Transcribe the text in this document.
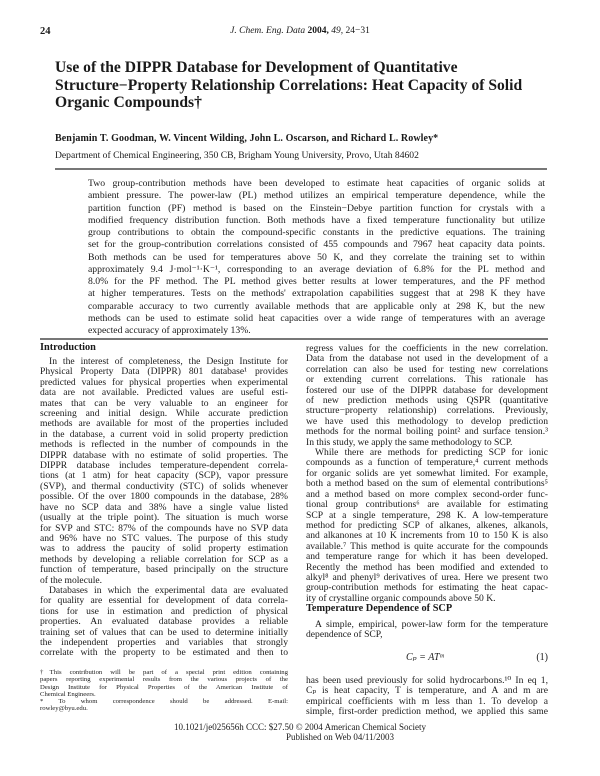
24	J. Chem. Eng. Data 2004, 49, 24−31
Use of the DIPPR Database for Development of Quantitative Structure−Property Relationship Correlations: Heat Capacity of Solid Organic Compounds†
Benjamin T. Goodman, W. Vincent Wilding, John L. Oscarson, and Richard L. Rowley*
Department of Chemical Engineering, 350 CB, Brigham Young University, Provo, Utah 84602
Two group-contribution methods have been developed to estimate heat capacities of organic solids at
ambient pressure. The power-law (PL) method utilizes an empirical temperature dependence, while the
partition function (PF) method is based on the Einstein−Debye partition function for crystals with a
modified frequency distribution function. Both methods have a fixed temperature functionality but utilize
group contributions to obtain the compound-specific constants in the predictive equations. The training
set for the group-contribution correlations consisted of 455 compounds and 7967 heat capacity data points.
Both methods can be used for temperatures above 50 K, and they correlate the training set to within
approximately 9.4 J·mol⁻¹·K⁻¹, corresponding to an average deviation of 6.8% for the PL method and
8.0% for the PF method. The PL method gives better results at lower temperatures, and the PF method
at higher temperatures. Tests on the methods' extrapolation capabilities suggest that at 298 K they have
comparable accuracy to two currently available methods that are applicable only at 298 K, but the new
methods can be used to estimate solid heat capacities over a wide range of temperatures with an average
expected accuracy of approximately 13%.
Introduction
In the interest of completeness, the Design Institute for
Physical Property Data (DIPPR) 801 database¹ provides
predicted values for physical properties when experimental
data are not available. Predicted values are useful esti-
mates that can be very valuable to an engineer for
screening and initial design. While accurate prediction
methods are available for most of the properties included
in the database, a current void in solid property prediction
methods is reflected in the number of compounds in the
DIPPR database with no estimate of solid properties. The
DIPPR database includes temperature-dependent correla-
tions (at 1 atm) for heat capacity (SCP), vapor pressure
(SVP), and thermal conductivity (STC) of solids whenever
possible. Of the over 1800 compounds in the database, 28%
have no SCP data and 38% have a single value listed
(usually at the triple point). The situation is much worse
for SVP and STC: 87% of the compounds have no SVP data
and 96% have no STC values. The purpose of this study
was to address the paucity of solid property estimation
methods by developing a reliable correlation for SCP as a
function of temperature, based principally on the structure
of the molecule.
Databases in which the experimental data are evaluated
for quality are essential for development of data correla-
tions for use in estimation and prediction of physical
properties. An evaluated database provides a reliable
training set of values that can be used to determine initially
the independent properties and variables that strongly
correlate with the property to be estimated and then to
regress values for the coefficients in the new correlation.
Data from the database not used in the development of a
correlation can also be used for testing new correlations
or extending current correlations. This rationale has
fostered our use of the DIPPR database for development
of new prediction methods using QSPR (quantitative
structure−property relationship) correlations. Previously,
we have used this methodology to develop prediction
methods for the normal boiling point² and surface tension.³
In this study, we apply the same methodology to SCP.
While there are methods for predicting SCP for ionic
compounds as a function of temperature,⁴ current methods
for organic solids are yet somewhat limited. For example,
both a method based on the sum of elemental contributions⁵
and a method based on more complex second-order func-
tional group contributions⁶ are available for estimating
SCP at a single temperature, 298 K. A low-temperature
method for predicting SCP of alkanes, alkenes, alkanols,
and alkanones at 10 K increments from 10 to 150 K is also
available.⁷ This method is quite accurate for the compounds
and temperature range for which it has been developed.
Recently the method has been modified and extended to
alkyl⁸ and phenyl⁹ derivatives of urea. Here we present two
group-contribution methods for estimating the heat capac-
ity of crystalline organic compounds above 50 K.
Temperature Dependence of SCP
A simple, empirical, power-law form for the temperature
dependence of SCP,
Cₚ = ATᵐ	(1)
has been used previously for solid hydrocarbons.¹⁰ In eq 1,
Cₚ is heat capacity, T is temperature, and A and m are
empirical coefficients with m less than 1. To develop a
simple, first-order prediction method, we applied this same
†This contribution will be part of a special print edition containing
papers reporting experimental results from the various projects of the
Design Institute for Physical Properties of the American Institute of
Chemical Engineers.
* To whom correspondence should be addressed. E-mail:
rowley@byu.edu.
10.1021/je025656h CCC: $27.50 © 2004 American Chemical Society
Published on Web 04/11/2003
